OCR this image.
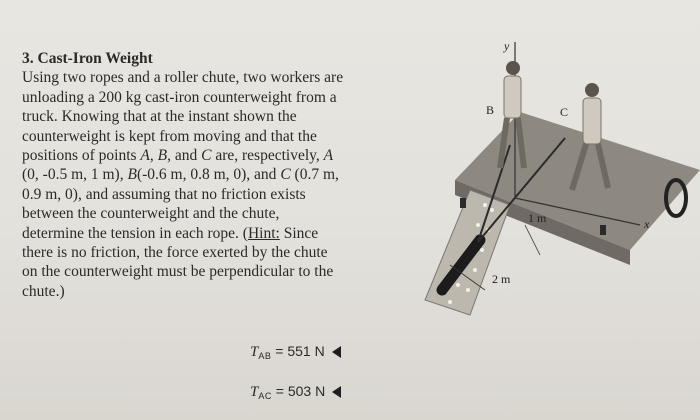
3. Cast-Iron Weight

Using two ropes and a roller chute, two workers are
unloading a 200 kg cast-iron counterweight from a
truck. Knowing that at the instant shown the
counterweight is kept from moving and that the
positions of points A, B, and C are, respectively, A
(0, -0.5 m, 1 m), B(-0.6 m, 0.8 m, 0), and C (0.7 m,
0.9 m, 0), and assuming that no friction exists
between the counterweight and the chute,
determine the tension in each rope. (Hint: Since
there is no friction, the force exerted by the chute
on the counterweight must be perpendicular to the
chute.)

$T_{AB} = 551$ N
$T_{AC} = 503$ N
y
x
B	C
1 m
2 m
